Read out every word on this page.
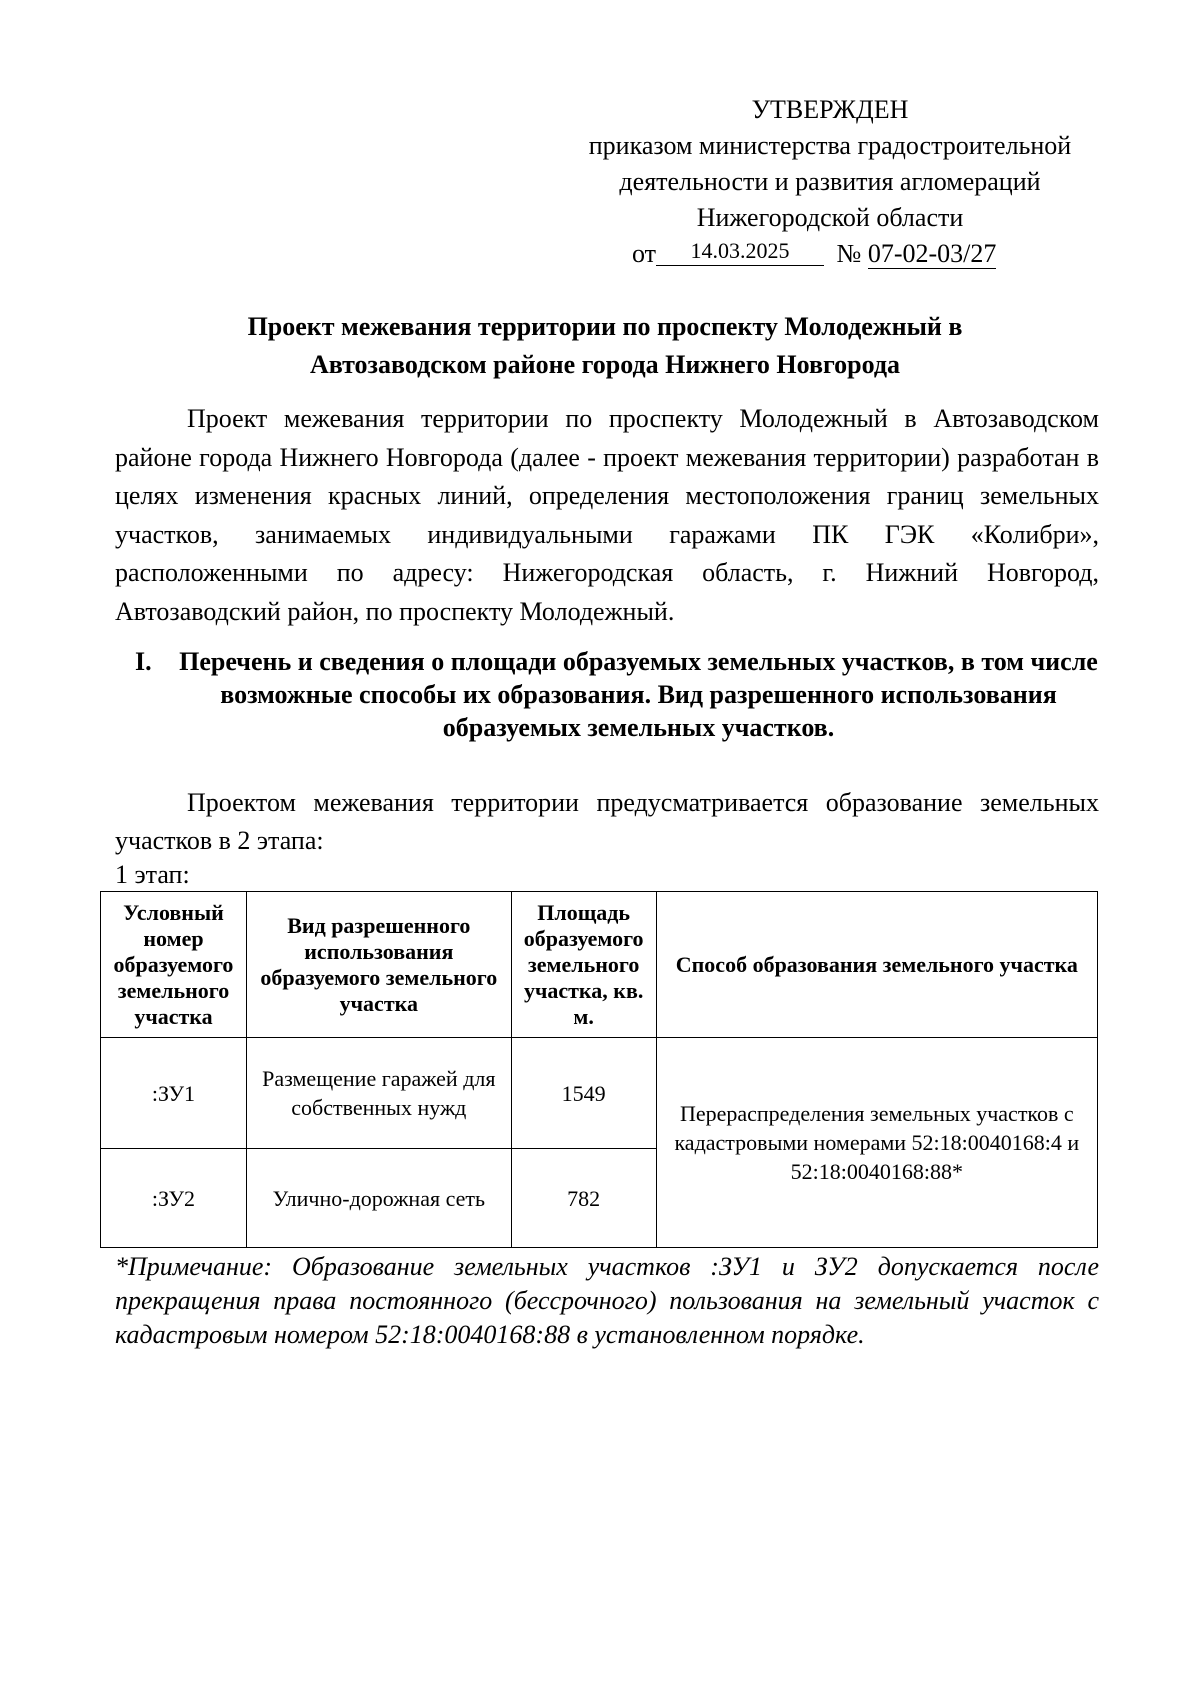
УТВЕРЖДЕН
приказом министерства градостроительной
деятельности и развития агломераций
Нижегородской области
от 14.03.2025 № 07-02-03/27
Проект межевания территории по проспекту Молодежный в
Автозаводском районе города Нижнего Новгорода
Проект межевания территории по проспекту Молодежный в Автозаводском районе города Нижнего Новгорода (далее - проект межевания территории) разработан в целях изменения красных линий, определения местоположения границ земельных участков, занимаемых индивидуальными гаражами ПК ГЭК «Колибри», расположенными по адресу: Нижегородская область, г. Нижний Новгород, Автозаводский район, по проспекту Молодежный.
I. Перечень и сведения о площади образуемых земельных участков, в том числе возможные способы их образования. Вид разрешенного использования образуемых земельных участков.
Проектом межевания территории предусматривается образование земельных участков в 2 этапа:
1 этап:
Условный номер образуемого земельного участка	Вид разрешенного использования образуемого земельного участка	Площадь образуемого земельного участка, кв. м.	Способ образования земельного участка
:ЗУ1	Размещение гаражей для собственных нужд	1549	Перераспределения земельных участков с кадастровыми номерами 52:18:0040168:4 и 52:18:0040168:88*
:ЗУ2	Улично-дорожная сеть	782	
*Примечание: Образование земельных участков :ЗУ1 и ЗУ2 допускается после прекращения права постоянного (бессрочного) пользования на земельный участок с кадастровым номером 52:18:0040168:88 в установленном порядке.
